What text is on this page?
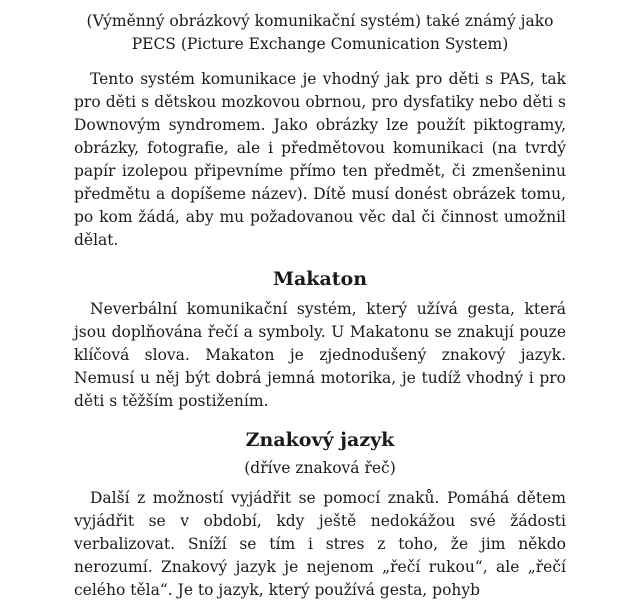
(Výměnný obrázkový komunikační systém) také známý jako
PECS (Picture Exchange Comunication System)

Tento systém komunikace je vhodný jak pro děti s PAS, tak pro děti s dětskou mozkovou obrnou, pro dysfatiky nebo děti s Downovým syndromem. Jako obrázky lze použít piktogramy, obrázky, fotografie, ale i předmětovou komunikaci (na tvrdý papír izolepou připevníme přímo ten předmět, či zmenšeninu předmětu a dopíšeme název). Dítě musí donést obrázek tomu, po kom žádá, aby mu požadovanou věc dal či činnost umožnil dělat.

Makaton

Neverbální komunikační systém, který užívá gesta, která jsou doplňována řečí a symboly. U Makatonu se znakují pouze klíčová slova. Makaton je zjednodušený znakový jazyk. Nemusí u něj být dobrá jemná motorika, je tudíž vhodný i pro děti s těžším postižením.

Znakový jazyk
(dříve znaková řeč)

Další z možností vyjádřit se pomocí znaků. Pomáhá dětem vyjádřit se v období, kdy ještě nedokážou své žádosti verbalizovat. Sníží se tím i stres z toho, že jim někdo nerozumí. Znakový jazyk je nejenom „řečí rukou“, ale „řečí celého těla“. Je to jazyk, který používá gesta, pohyb
